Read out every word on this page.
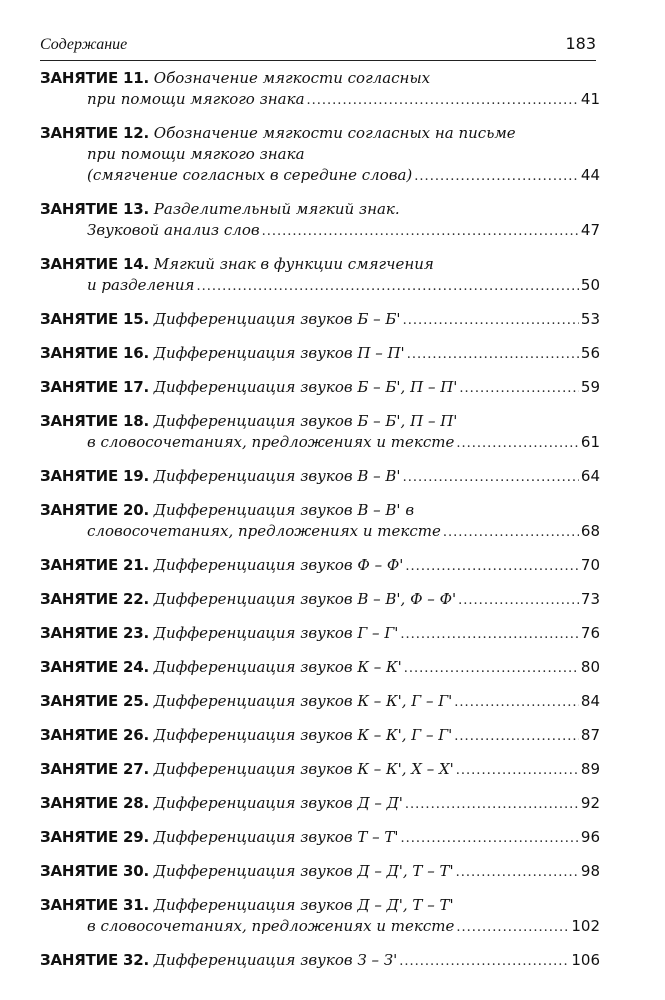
Содержание	183
ЗАНЯТИЕ 11. Обозначение мягкости согласных
при помощи мягкого знака .....	41
ЗАНЯТИЕ 12. Обозначение мягкости согласных на письме
при помощи мягкого знака
(смягчение согласных в середине слова) .....	44
ЗАНЯТИЕ 13. Разделительный мягкий знак.
Звуковой анализ слов .....	47
ЗАНЯТИЕ 14. Мягкий знак в функции смягчения
и разделения .....	50
ЗАНЯТИЕ 15.
Дифференциация звуков Б – Б' .....	53
ЗАНЯТИЕ 16.
Дифференциация звуков П – П' .....	56
ЗАНЯТИЕ 17.
Дифференциация звуков Б – Б', П – П' .....	59
ЗАНЯТИЕ 18. Дифференциация звуков Б – Б', П – П'
в словосочетаниях, предложениях и тексте .....	61
ЗАНЯТИЕ 19.
Дифференциация звуков В – В' .....	64
ЗАНЯТИЕ 20. Дифференциация звуков В – В' в
словосочетаниях, предложениях и тексте .....	68
ЗАНЯТИЕ 21.
Дифференциация звуков Ф – Ф' .....	70
ЗАНЯТИЕ 22.
Дифференциация звуков В – В', Ф – Ф' .....	73
ЗАНЯТИЕ 23.
Дифференциация звуков Г – Г' .....	76
ЗАНЯТИЕ 24.
Дифференциация звуков К – К' .....	80
ЗАНЯТИЕ 25.
Дифференциация звуков К – К', Г – Г' .....	84
ЗАНЯТИЕ 26.
Дифференциация звуков К – К', Г – Г' .....	87
ЗАНЯТИЕ 27.
Дифференциация звуков К – К', Х – Х' .....	89
ЗАНЯТИЕ 28.
Дифференциация звуков Д – Д' .....	92
ЗАНЯТИЕ 29.
Дифференциация звуков Т – Т' .....	96
ЗАНЯТИЕ 30.
Дифференциация звуков Д – Д', Т – Т' .....	98
ЗАНЯТИЕ 31. Дифференциация звуков Д – Д', Т – Т'
в словосочетаниях, предложениях и тексте .....	102
ЗАНЯТИЕ 32.
Дифференциация звуков З – З' .....	106
